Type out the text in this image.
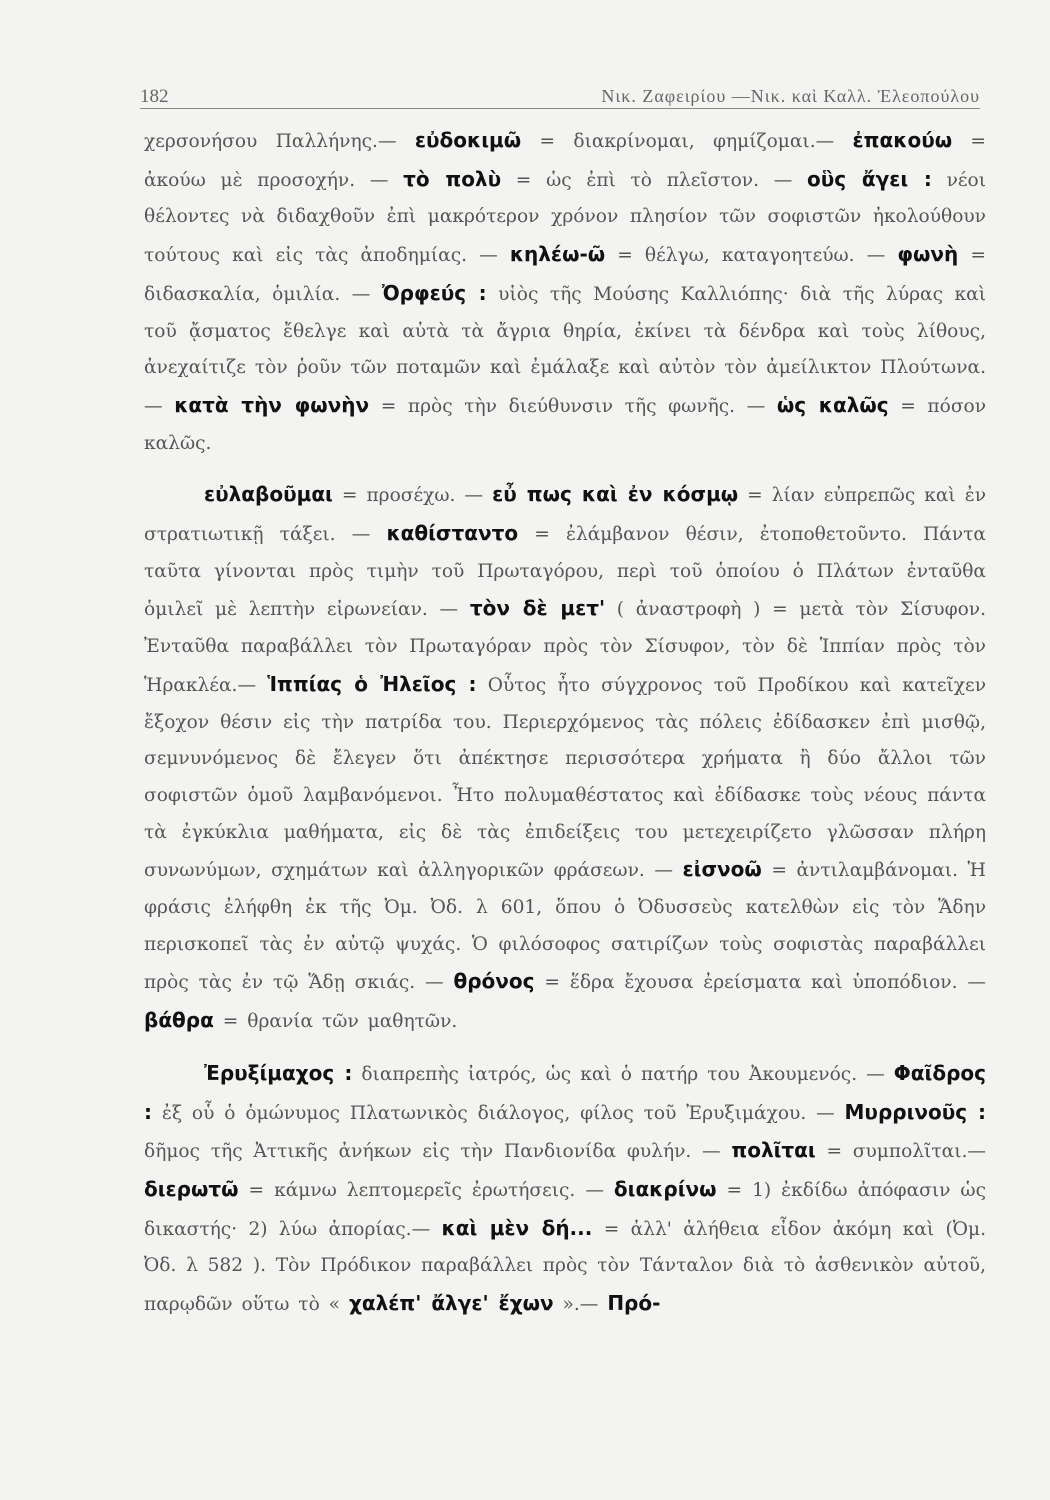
182	Νικ. Ζαφειρίου —Νικ. καὶ Καλλ. Ἐλεοπούλου

χερσονήσου Παλλήνης.— εὐδοκιμῶ = διακρίνομαι, φημίζομαι.— ἐπακούω = ἀκούω μὲ προσοχήν. — τὸ πολὺ = ὡς ἐπὶ τὸ πλεῖστον. — οὓς ἄγει : νέοι θέλοντες νὰ διδαχθοῦν ἐπὶ μακρότερον χρόνον πλησίον τῶν σοφιστῶν ἠκολούθουν τούτους καὶ εἰς τὰς ἀποδημίας. — κηλέω-ῶ = θέλγω, καταγοητεύω. — φωνὴ = διδασκαλία, ὁμιλία. — Ὀρφεύς : υἱὸς τῆς Μούσης Καλλιόπης· διὰ τῆς λύρας καὶ τοῦ ᾄσματος ἔθελγε καὶ αὐτὰ τὰ ἄγρια θηρία, ἐκίνει τὰ δένδρα καὶ τοὺς λίθους, ἀνεχαίτιζε τὸν ῥοῦν τῶν ποταμῶν καὶ ἐμάλαξε καὶ αὐτὸν τὸν ἀμείλικτον Πλούτωνα. — κατὰ τὴν φωνὴν = πρὸς τὴν διεύθυνσιν τῆς φωνῆς. — ὡς καλῶς = πόσον καλῶς.

εὐλαβοῦμαι = προσέχω. — εὖ πως καὶ ἐν κόσμῳ = λίαν εὐπρεπῶς καὶ ἐν στρατιωτικῇ τάξει. — καθίσταντο = ἐλάμβανον θέσιν, ἐτοποθετοῦντο. Πάντα ταῦτα γίνονται πρὸς τιμὴν τοῦ Πρωταγόρου, περὶ τοῦ ὁποίου ὁ Πλάτων ἐνταῦθα ὁμιλεῖ μὲ λεπτὴν εἰρωνείαν. — τὸν δὲ μετ' ( ἀναστροφὴ ) = μετὰ τὸν Σίσυφον. Ἐνταῦθα παραβάλλει τὸν Πρωταγόραν πρὸς τὸν Σίσυφον, τὸν δὲ Ἱππίαν πρὸς τὸν Ἡρακλέα.— Ἱππίας ὁ Ἠλεῖος : Οὗτος ἦτο σύγχρονος τοῦ Προδίκου καὶ κατεῖχεν ἔξοχον θέσιν εἰς τὴν πατρίδα του. Περιερχόμενος τὰς πόλεις ἐδίδασκεν ἐπὶ μισθῷ, σεμνυνόμενος δὲ ἔλεγεν ὅτι ἀπέκτησε περισσότερα χρήματα ἢ δύο ἄλλοι τῶν σοφιστῶν ὁμοῦ λαμβανόμενοι. Ἦτο πολυμαθέστατος καὶ ἐδίδασκε τοὺς νέους πάντα τὰ ἐγκύκλια μαθήματα, εἰς δὲ τὰς ἐπιδείξεις του μετεχειρίζετο γλῶσσαν πλήρη συνωνύμων, σχημάτων καὶ ἀλληγορικῶν φράσεων. — εἰσνοῶ = ἀντιλαμβάνομαι. Ἡ φράσις ἐλήφθη ἐκ τῆς Ὀμ. Ὀδ. λ 601, ὅπου ὁ Ὀδυσσεὺς κατελθὼν εἰς τὸν Ἅδην περισκοπεῖ τὰς ἐν αὐτῷ ψυχάς. Ὁ φιλόσοφος σατιρίζων τοὺς σοφιστὰς παραβάλλει πρὸς τὰς ἐν τῷ Ἅδῃ σκιάς. — θρόνος = ἕδρα ἔχουσα ἐρείσματα καὶ ὑποπόδιον. — βάθρα = θρανία τῶν μαθητῶν.

Ἐρυξίμαχος : διαπρεπὴς ἰατρός, ὡς καὶ ὁ πατήρ του Ἀκουμενός. — Φαῖδρος : ἐξ οὗ ὁ ὁμώνυμος Πλατωνικὸς διάλογος, φίλος τοῦ Ἐρυξιμάχου. — Μυρρινοῦς : δῆμος τῆς Ἀττικῆς ἀνήκων εἰς τὴν Πανδιονίδα φυλήν. — πολῖται = συμπολῖται.— διερωτῶ = κάμνω λεπτομερεῖς ἐρωτήσεις. — διακρίνω = 1) ἐκδίδω ἀπόφασιν ὡς δικαστής· 2) λύω ἀπορίας.— καὶ μὲν δή... = ἀλλ' ἀλήθεια εἶδον ἀκόμη καὶ (Ὀμ. Ὀδ. λ 582 ). Τὸν Πρόδικον παραβάλλει πρὸς τὸν Τάνταλον διὰ τὸ ἀσθενικὸν αὐτοῦ, παρῳδῶν οὕτω τὸ « χαλέπ' ἄλγε' ἔχων ».— Πρό-
